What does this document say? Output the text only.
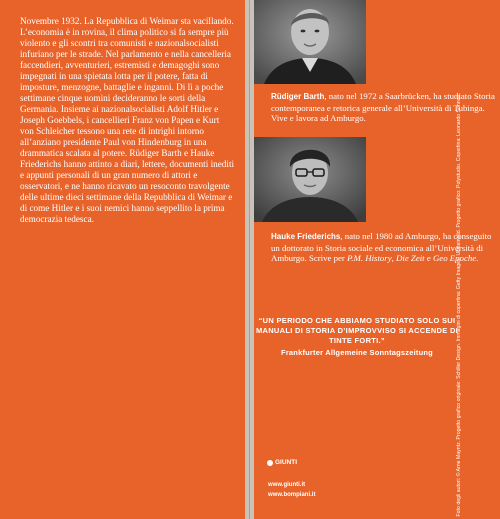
Novembre 1932. La Repubblica di Weimar sta vacillando. L’economia è in rovina, il clima politico si fa sempre più violento e gli scontri tra comunisti e nazionalsocialisti infuriano per le strade. Nel parlamento e nella cancelleria faccendieri, avventurieri, estremisti e demagoghi sono impegnati in una spietata lotta per il potere, fatta di imposture, menzogne, battaglie e inganni. Di lì a poche settimane cinque uomini decideranno le sorti della Germania. Insieme ai nazionalsocialisti Adolf Hitler e Joseph Goebbels, i cancellieri Franz von Papen e Kurt von Schleicher tessono una rete di intrighi intorno all’anziano presidente Paul von Hindenburg in una drammatica scalata al potere. Rüdiger Barth e Hauke Friederichs hanno attinto a diari, lettere, documenti inediti e appunti personali di un gran numero di attori e osservatori, e ne hanno ricavato un resoconto travolgente delle ultime dieci settimane della Repubblica di Weimar e di come Hitler e i suoi nemici hanno seppellito la prima democrazia tedesca.

Rüdiger Barth, nato nel 1972 a Saarbrücken, ha studiato Storia contemporanea e retorica generale all’Università di Tubinga. Vive e lavora ad Amburgo.

Hauke Friederichs, nato nel 1980 ad Amburgo, ha conseguito un dottorato in Storia sociale ed economica all’Università di Amburgo. Scrive per P.M. History, Die Zeit e Geo Epoche.

“UN PERIODO CHE ABBIAMO STUDIATO SOLO SUI MANUALI DI STORIA D’IMPROVVISO SI ACCENDE DI TINTE FORTI.”

Frankfurter Allgemeine Sonntagszeitung	Foto degli autori: © Arne Mayntz. Progetto grafico originale: Schiller Design. Immagini di copertina: Getty Images, Ullsteinbild. Progetto grafico: Polystudio. Copertina: Leonardo Sonnoli.
GIUNTI
www.giunti.it
www.bompiani.it
